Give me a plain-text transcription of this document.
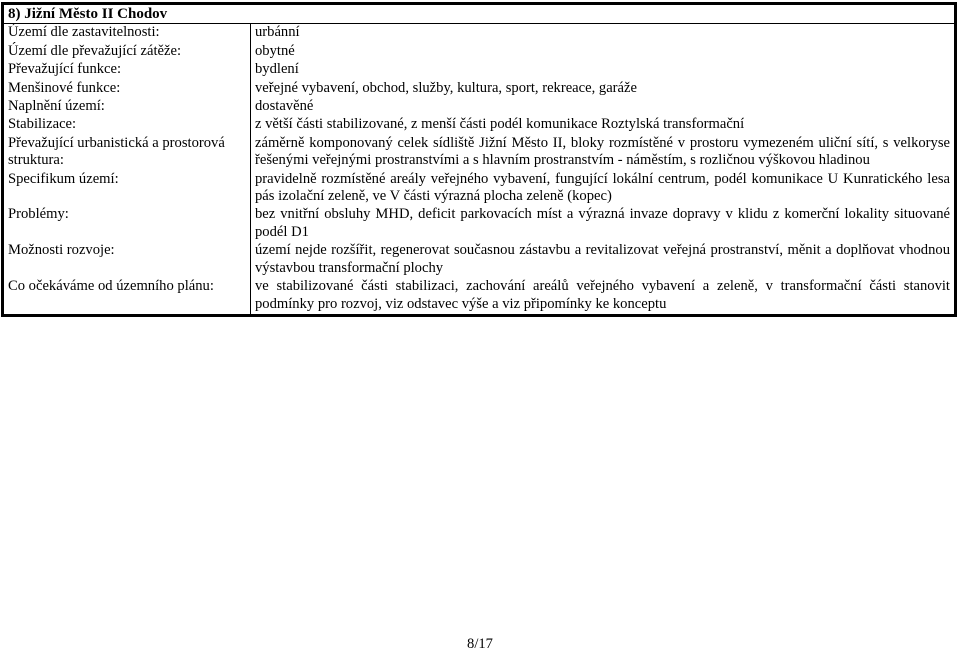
8) Jižní Město II Chodov	
Území dle zastavitelnosti:	urbánní
Území dle převažující zátěže:	obytné
Převažující funkce:	bydlení
Menšinové funkce:	veřejné vybavení, obchod, služby, kultura, sport, rekreace, garáže
Naplnění území:	dostavěné
Stabilizace:	z větší části stabilizované, z menší části podél komunikace Roztylská transformační
Převažující urbanistická a prostorová struktura:	záměrně komponovaný celek sídliště Jižní Město II, bloky rozmístěné v prostoru vymezeném uliční sítí, s velkoryse řešenými veřejnými prostranstvími a s hlavním prostranstvím - náměstím, s rozličnou výškovou hladinou
Specifikum území:	pravidelně rozmístěné areály veřejného vybavení, fungující lokální centrum, podél komunikace U Kunratického lesa pás izolační zeleně, ve V části výrazná plocha zeleně (kopec)
Problémy:	bez vnitřní obsluhy MHD, deficit parkovacích míst a výrazná invaze dopravy v klidu z komerční lokality situované podél D1
Možnosti rozvoje:	území nejde rozšířit, regenerovat současnou zástavbu a revitalizovat veřejná prostranství, měnit a doplňovat vhodnou výstavbou transformační plochy
Co očekáváme od územního plánu:	ve stabilizované části stabilizaci, zachování areálů veřejného vybavení a zeleně, v transformační části stanovit podmínky pro rozvoj, viz odstavec výše a viz připomínky ke konceptu
8/17
